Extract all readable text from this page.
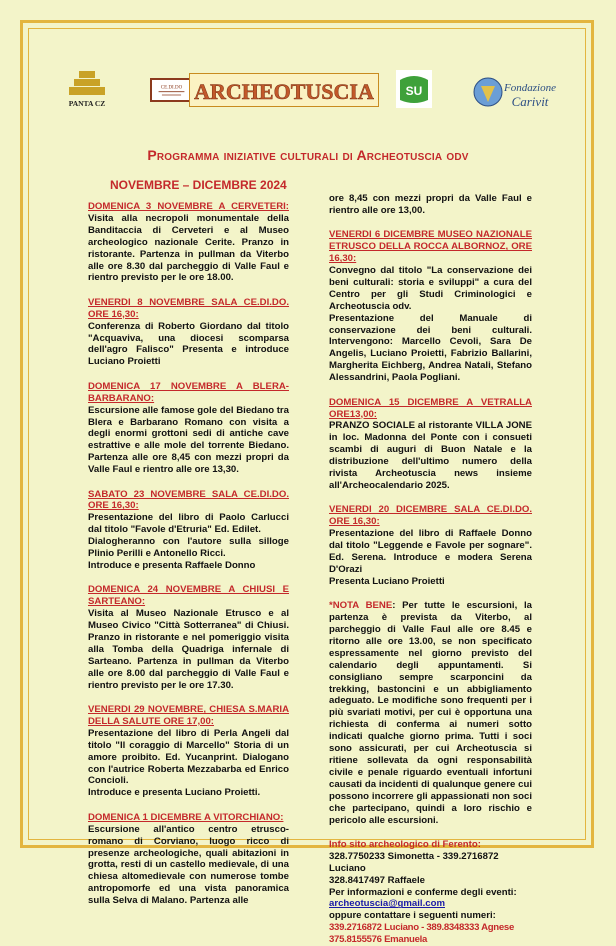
PANTA CZ
CE.DI.DO ARCHEOTUSCIA	SU	Fondazione
Carivit
Programma iniziative culturali di Archeotuscia odv
NOVEMBRE – DICEMBRE 2024
DOMENICA 3 NOVEMBRE A CERVETERI: Visita alla necropoli monumentale della Banditaccia di Cerveteri e al Museo archeologico nazionale Cerite. Pranzo in ristorante. Partenza in pullman da Viterbo alle ore 8.30 dal parcheggio di Valle Faul e rientro previsto per le ore 18.00.
VENERDI 8 NOVEMBRE SALA CE.DI.DO. ORE 16,30:
Conferenza di Roberto Giordano dal titolo "Acquaviva, una diocesi scomparsa dell'agro Falisco" Presenta e introduce Luciano Proietti
DOMENICA 17 NOVEMBRE A BLERA-BARBARANO:
Escursione alle famose gole del Biedano tra Blera e Barbarano Romano con visita a degli enormi grottoni sedi di antiche cave estrattive e alle mole del torrente Biedano. Partenza alle ore 8,45 con mezzi propri da Valle Faul e rientro alle ore 13,30.
SABATO 23 NOVEMBRE SALA CE.DI.DO. ORE 16,30:
Presentazione del libro di Paolo Carlucci dal titolo "Favole d'Etruria" Ed. Edilet.
Dialogheranno con l'autore sulla silloge Plinio Perilli e Antonello Ricci.
Introduce e presenta Raffaele Donno
DOMENICA 24 NOVEMBRE A CHIUSI E SARTEANO:
Visita al Museo Nazionale Etrusco e al Museo Civico "Città Sotterranea" di Chiusi. Pranzo in ristorante e nel pomeriggio visita alla Tomba della Quadriga infernale di Sarteano. Partenza in pullman da Viterbo alle ore 8.00 dal parcheggio di Valle Faul e rientro previsto per le ore 17.30.
VENERDI 29 NOVEMBRE, CHIESA S.MARIA DELLA SALUTE ORE 17,00:
Presentazione del libro di Perla Angeli dal titolo "Il coraggio di Marcello" Storia di un amore proibito. Ed. Yucanprint. Dialogano con l'autrice Roberta Mezzabarba ed Enrico Concioli.
Introduce e presenta Luciano Proietti.
DOMENICA 1 DICEMBRE A VITORCHIANO:
Escursione all'antico centro etrusco-romano di Corviano, luogo ricco di presenze archeologiche, quali abitazioni in grotta, resti di un castello medievale, di una chiesa altomedievale con numerose tombe antropomorfe ed una vista panoramica sulla Selva di Malano. Partenza alle
ore 8,45 con mezzi propri da Valle Faul e rientro alle ore 13,00.
VENERDI 6 DICEMBRE MUSEO NAZIONALE ETRUSCO DELLA ROCCA ALBORNOZ, ORE 16,30:
Convegno dal titolo "La conservazione dei beni culturali: storia e sviluppi" a cura del Centro per gli Studi Criminologici e Archeotuscia odv.
Presentazione del Manuale di conservazione dei beni culturali. Intervengono: Marcello Cevoli, Sara De Angelis, Luciano Proietti, Fabrizio Ballarini, Margherita Eichberg, Andrea Natali, Stefano Alessandrini, Paola Pogliani.
DOMENICA 15 DICEMBRE A VETRALLA ORE13,00:
PRANZO SOCIALE al ristorante VILLA JONE in loc. Madonna del Ponte con i consueti scambi di auguri di Buon Natale e la distribuzione dell'ultimo numero della rivista Archeotuscia news insieme all'Archeocalendario 2025.
VENERDI 20 DICEMBRE SALA CE.DI.DO. ORE 16,30:
Presentazione del libro di Raffaele Donno dal titolo "Leggende e Favole per sognare". Ed. Serena. Introduce e modera Serena D'Orazi
Presenta Luciano Proietti
*NOTA BENE: Per tutte le escursioni, la partenza è prevista da Viterbo, al parcheggio di Valle Faul alle ore 8.45 e ritorno alle ore 13.00, se non specificato espressamente nel giorno previsto del calendario degli appuntamenti. Si consigliano sempre scarponcini da trekking, bastoncini e un abbigliamento adeguato. Le modifiche sono frequenti per i più svariati motivi, per cui è opportuna una richiesta di conferma ai numeri sotto indicati qualche giorno prima. Tutti i soci sono assicurati, per cui Archeotuscia si ritiene sollevata da ogni responsabilità civile e penale riguardo eventuali infortuni causati da incidenti di qualunque genere cui possono incorrere gli appassionati non soci che partecipano, quindi a loro rischio e pericolo alle escursioni.
Info sito archeologico di Ferento:
328.7750233 Simonetta - 339.2716872 Luciano
328.8417497 Raffaele
Per informazioni e conferme degli eventi:
archeotuscia@gmail.com
oppure contattare i seguenti numeri:
339.2716872 Luciano - 389.8348333 Agnese
375.8155576 Emanuela
